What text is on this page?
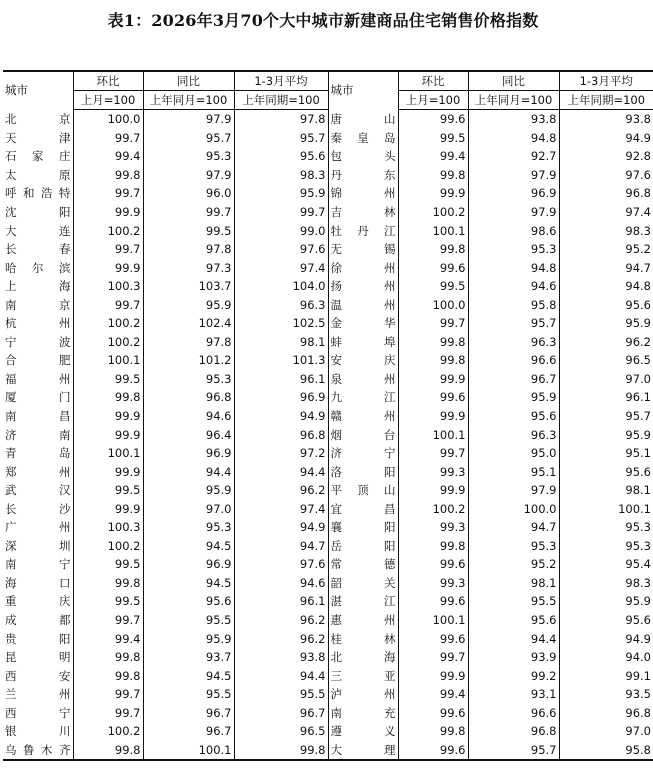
表1：2026年3月70个大中城市新建商品住宅销售价格指数
城市	环比	同比	1-3月平均	城市	环比	同比	1-3月平均
	上月=100	上年同月=100	上年同期=100		上月=100	上年同月=100	上年同期=100
北京	100.0	97.9	97.8	唐山	99.6	93.8	93.8
天津	99.7	95.7	95.7	秦皇岛	99.5	94.8	94.9
石家庄	99.4	95.3	95.6	包头	99.4	92.7	92.8
太原	99.8	97.9	98.3	丹东	99.8	97.9	97.6
呼和浩特	99.7	96.0	95.9	锦州	99.9	96.9	96.8
沈阳	99.9	99.7	99.7	吉林	100.2	97.9	97.4
大连	100.2	99.5	99.0	牡丹江	100.1	98.6	98.3
长春	99.7	97.8	97.6	无锡	99.8	95.3	95.2
哈尔滨	99.9	97.3	97.4	徐州	99.6	94.8	94.7
上海	100.3	103.7	104.0	扬州	99.5	94.6	94.8
南京	99.7	95.9	96.3	温州	100.0	95.8	95.6
杭州	100.2	102.4	102.5	金华	99.7	95.7	95.9
宁波	100.2	97.8	98.1	蚌埠	99.8	96.3	96.2
合肥	100.1	101.2	101.3	安庆	99.8	96.6	96.5
福州	99.5	95.3	96.1	泉州	99.9	96.7	97.0
厦门	99.8	96.8	96.9	九江	99.6	95.9	96.1
南昌	99.9	94.6	94.9	赣州	99.9	95.6	95.7
济南	99.9	96.4	96.8	烟台	100.1	96.3	95.9
青岛	100.1	96.9	97.2	济宁	99.7	95.0	95.1
郑州	99.9	94.4	94.4	洛阳	99.3	95.1	95.6
武汉	99.5	95.9	96.2	平顶山	99.9	97.9	98.1
长沙	99.9	97.0	97.4	宜昌	100.2	100.0	100.1
广州	100.3	95.3	94.9	襄阳	99.3	94.7	95.3
深圳	100.2	94.5	94.7	岳阳	99.8	95.3	95.3
南宁	99.5	96.9	97.6	常德	99.6	95.2	95.4
海口	99.8	94.5	94.6	韶关	99.3	98.1	98.3
重庆	99.5	95.6	96.1	湛江	99.6	95.5	95.9
成都	99.7	95.5	96.2	惠州	100.1	95.6	95.6
贵阳	99.4	95.9	96.2	桂林	99.6	94.4	94.9
昆明	99.8	93.7	93.8	北海	99.7	93.9	94.0
西安	99.8	94.5	94.4	三亚	99.9	99.2	99.1
兰州	99.7	95.5	95.5	泸州	99.4	93.1	93.5
西宁	99.7	96.7	96.7	南充	99.6	96.6	96.8
银川	100.2	96.7	96.5	遵义	99.8	96.8	97.0
乌鲁木齐	99.8	100.1	99.8	大理	99.6	95.7	95.8
